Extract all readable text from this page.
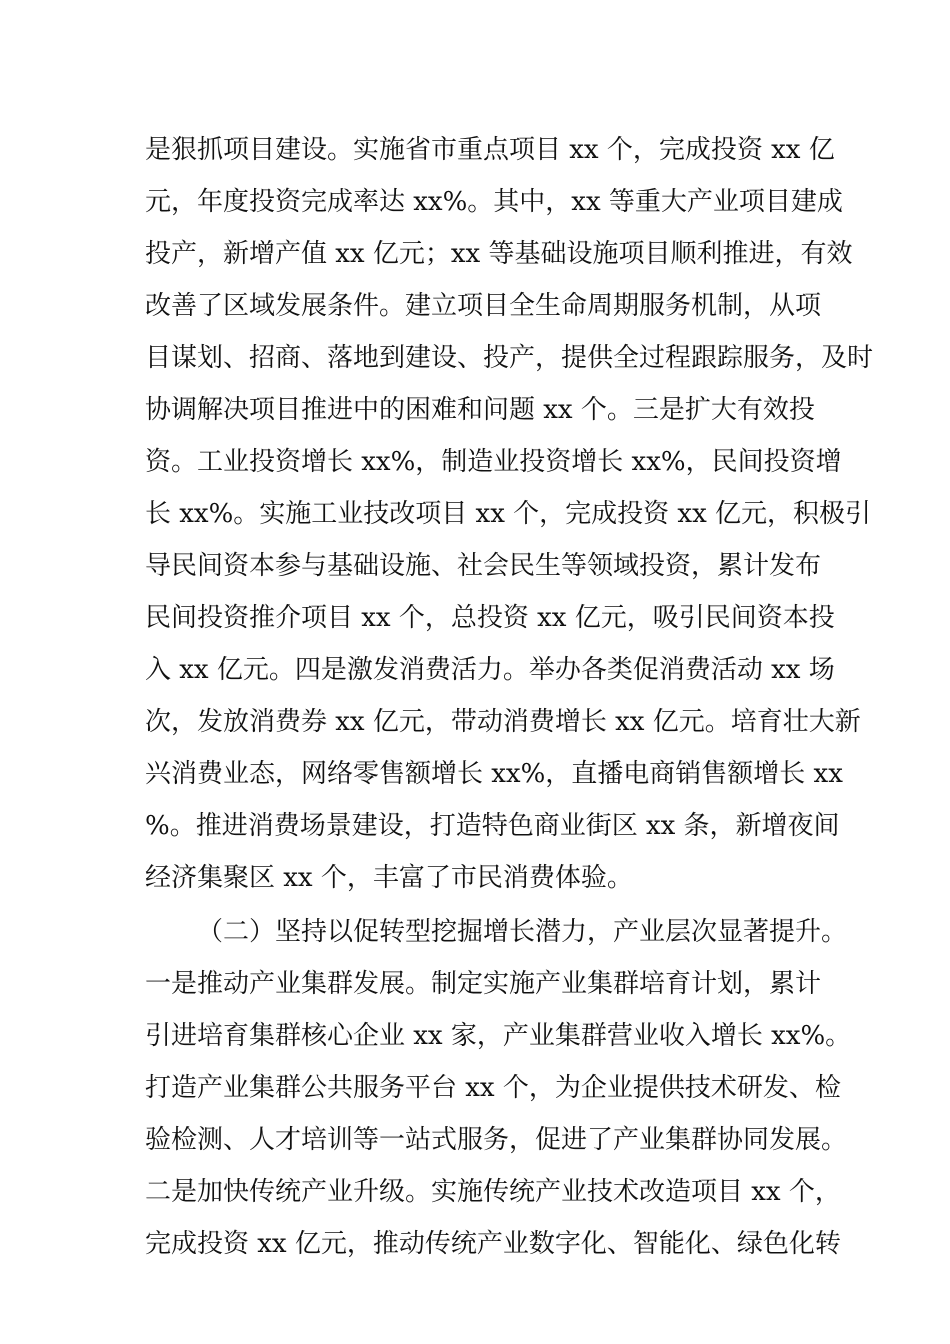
是狠抓项目建设。实施省市重点项目 xx 个，完成投资 xx 亿
元，年度投资完成率达 xx%。其中，xx 等重大产业项目建成
投产，新增产值 xx 亿元；xx 等基础设施项目顺利推进，有效
改善了区域发展条件。建立项目全生命周期服务机制，从项
目谋划、招商、落地到建设、投产，提供全过程跟踪服务，及时
协调解决项目推进中的困难和问题 xx 个。三是扩大有效投
资。工业投资增长 xx%，制造业投资增长 xx%，民间投资增
长 xx%。实施工业技改项目 xx 个，完成投资 xx 亿元，积极引
导民间资本参与基础设施、社会民生等领域投资，累计发布
民间投资推介项目 xx 个，总投资 xx 亿元，吸引民间资本投
入 xx 亿元。四是激发消费活力。举办各类促消费活动 xx 场
次，发放消费券 xx 亿元，带动消费增长 xx 亿元。培育壮大新
兴消费业态，网络零售额增长 xx%，直播电商销售额增长 xx
%。推进消费场景建设，打造特色商业街区 xx 条，新增夜间
经济集聚区 xx 个，丰富了市民消费体验。
（二）坚持以促转型挖掘增长潜力，产业层次显著提升。
一是推动产业集群发展。制定实施产业集群培育计划，累计
引进培育集群核心企业 xx 家，产业集群营业收入增长 xx%。
打造产业集群公共服务平台 xx 个，为企业提供技术研发、检
验检测、人才培训等一站式服务，促进了产业集群协同发展。
二是加快传统产业升级。实施传统产业技术改造项目 xx 个，
完成投资 xx 亿元，推动传统产业数字化、智能化、绿色化转
